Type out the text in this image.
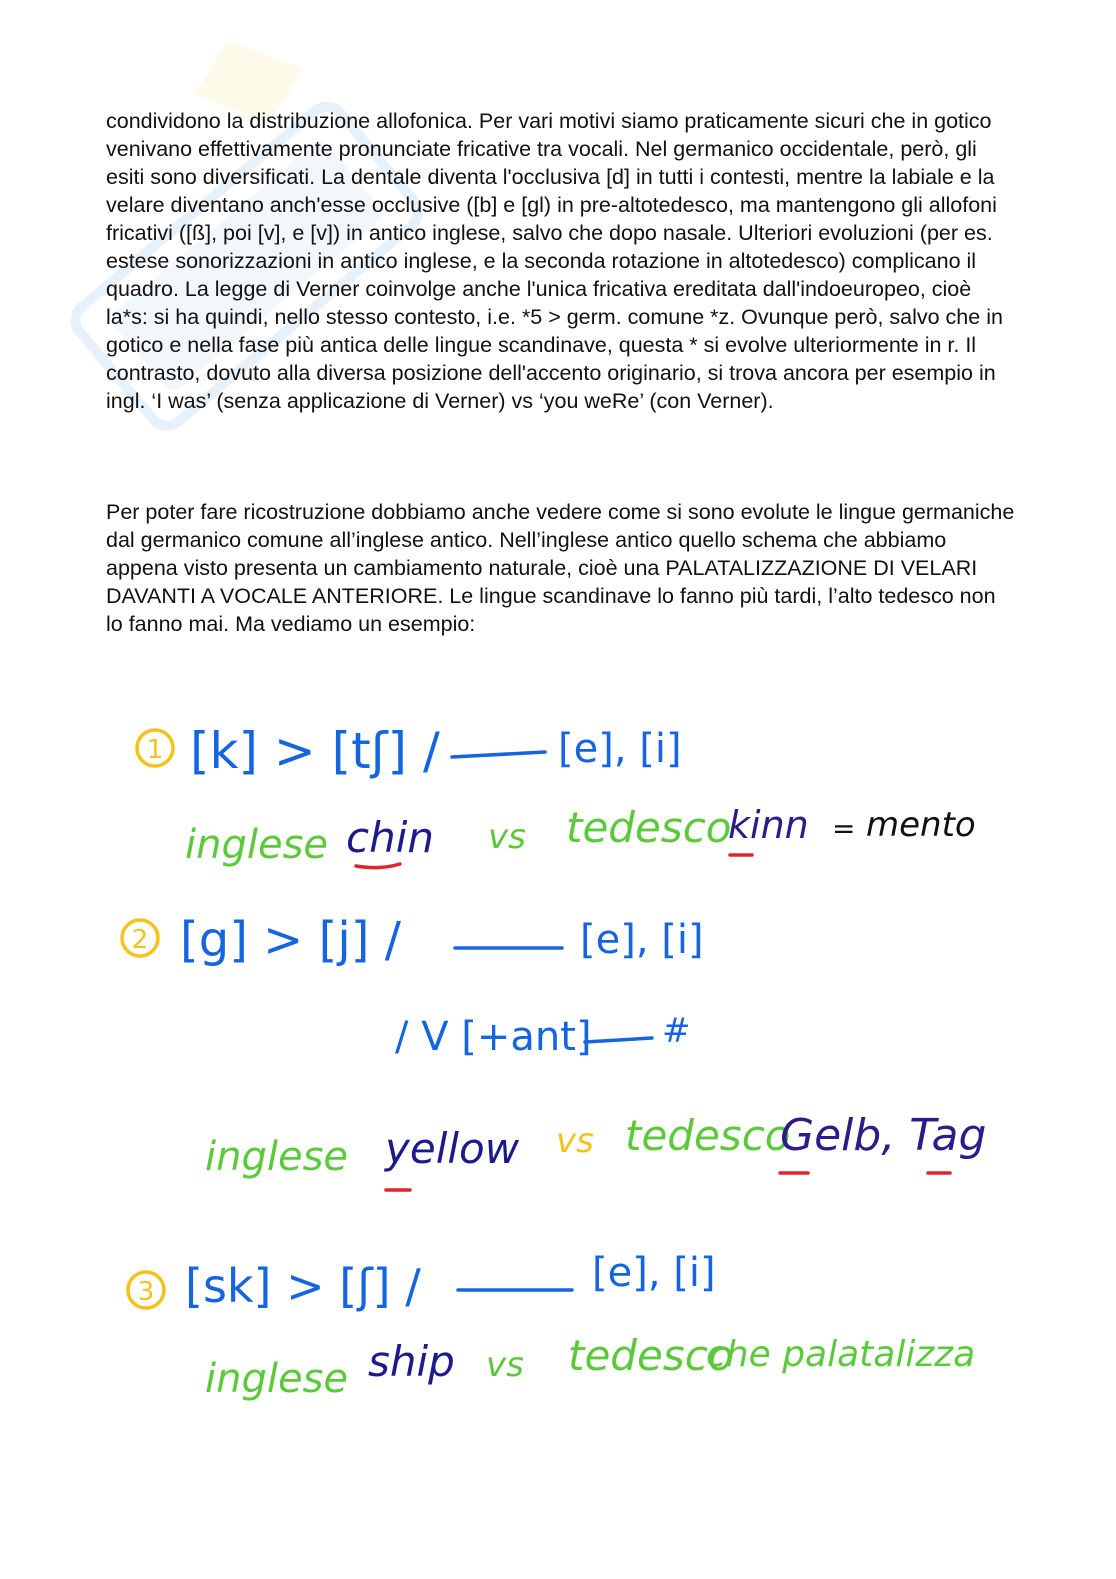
condividono la distribuzione allofonica. Per vari motivi siamo praticamente sicuri che in gotico venivano effettivamente pronunciate fricative tra vocali. Nel germanico occidentale, però, gli esiti sono diversificati. La dentale diventa l'occlusiva [d] in tutti i contesti, mentre la labiale e la velare diventano anch'esse occlusive ([b] e [gl) in pre-altotedesco, ma mantengono gli allofoni fricativi ([ß], poi [v], e [v]) in antico inglese, salvo che dopo nasale. Ulteriori evoluzioni (per es. estese sonorizzazioni in antico inglese, e la seconda rotazione in altotedesco) complicano il quadro. La legge di Verner coinvolge anche l'unica fricativa ereditata dall'indoeuropeo, cioè la*s: si ha quindi, nello stesso contesto, i.e. *5 > germ. comune *z. Ovunque però, salvo che in gotico e nella fase più antica delle lingue scandinave, questa * si evolve ulteriormente in r. Il contrasto, dovuto alla diversa posizione dell'accento originario, si trova ancora per esempio in ingl. ‘I was’ (senza applicazione di Verner) vs ‘you weRe’ (con Verner).

Per poter fare ricostruzione dobbiamo anche vedere come si sono evolute le lingue germaniche dal germanico comune all’inglese antico. Nell’inglese antico quello schema che abbiamo appena visto presenta un cambiamento naturale, cioè una PALATALIZZAZIONE DI VELARI DAVANTI A VOCALE ANTERIORE. Le lingue scandinave lo fanno più tardi, l’alto tedesco non lo fanno mai. Ma vediamo un esempio:

1 [k] > [tʃ] /	[e], [i]
inglese chin vs tedesco
kinn = mento
2 [g] > [j] /	[e], [i]
/ V [+ant] #
inglese yellow vs tedesco
Gelb, Tag
3 [sk] > [ʃ] /	[e], [i]
inglese ship vs tedesco
che palatalizza
